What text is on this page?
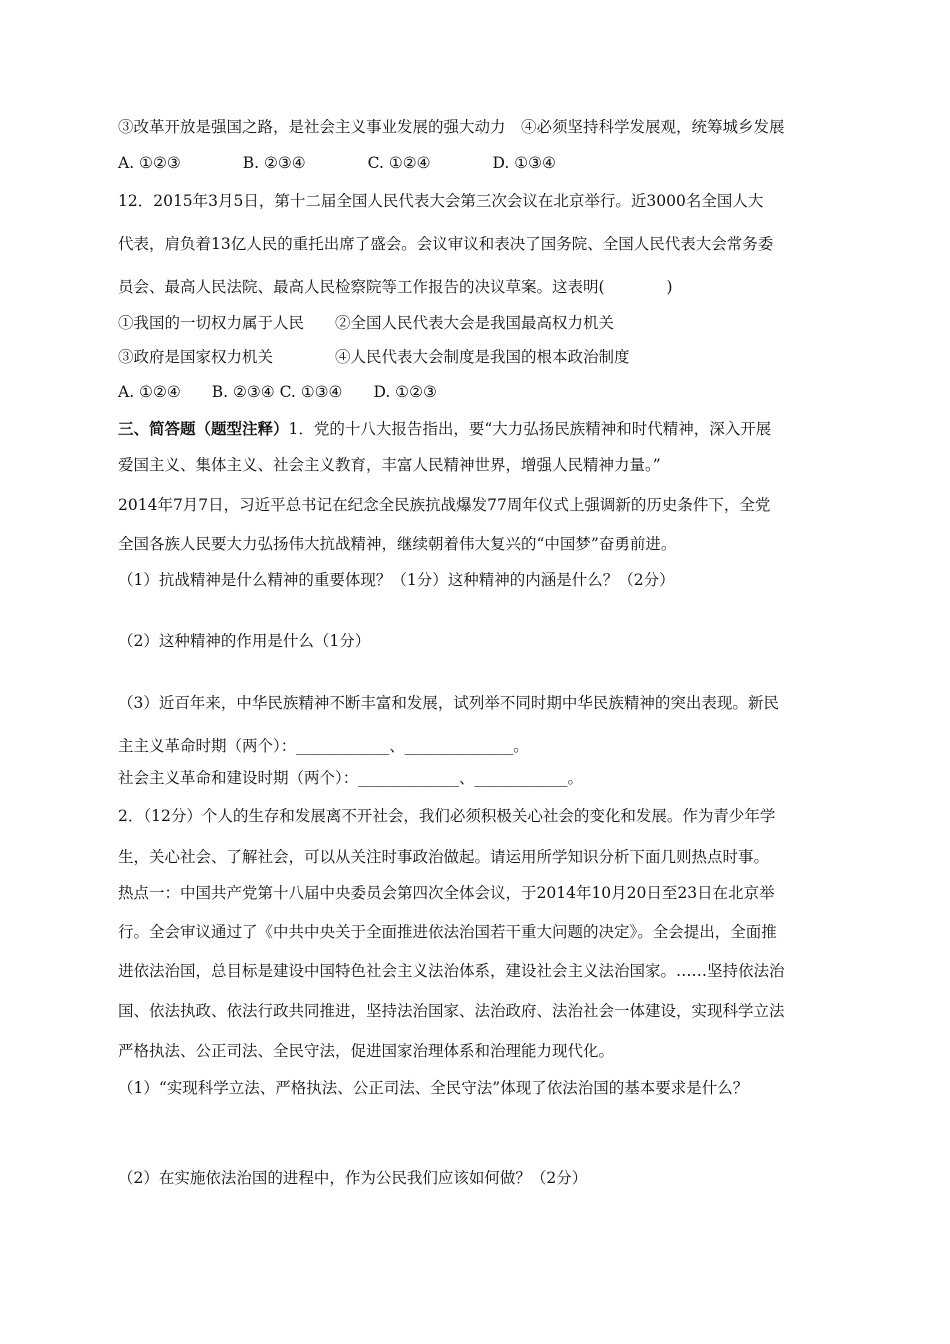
③改革开放是强国之路，是社会主义事业发展的强大动力　④必须坚持科学发展观，统筹城乡发展
A. ①②③　　　　B. ②③④　　　　C. ①②④　　　　D. ①③④
12．2015年3月5日，第十二届全国人民代表大会第三次会议在北京举行。近3000名全国人大
代表，肩负着13亿人民的重托出席了盛会。会议审议和表决了国务院、全国人民代表大会常务委
员会、最高人民法院、最高人民检察院等工作报告的决议草案。这表明(　　　　)
①我国的一切权力属于人民　　②全国人民代表大会是我国最高权力机关
③政府是国家权力机关　　　　④人民代表大会制度是我国的根本政治制度
A. ①②④　　B. ②③④ C. ①③④　　D. ①②③
三、简答题（题型注释）1．党的十八大报告指出，要“大力弘扬民族精神和时代精神，深入开展
爱国主义、集体主义、社会主义教育，丰富人民精神世界，增强人民精神力量。”
2014年7月7日，习近平总书记在纪念全民族抗战爆发77周年仪式上强调新的历史条件下，全党
全国各族人民要大力弘扬伟大抗战精神，继续朝着伟大复兴的“中国梦”奋勇前进。
（1）抗战精神是什么精神的重要体现？（1分）这种精神的内涵是什么？（2分）
（2）这种精神的作用是什么（1分）
（3）近百年来，中华民族精神不断丰富和发展，试列举不同时期中华民族精神的突出表现。新民
主主义革命时期（两个）：____________、______________。
社会主义革命和建设时期（两个）：_____________、____________。
2．（12分）个人的生存和发展离不开社会，我们必须积极关心社会的变化和发展。作为青少年学
生，关心社会、了解社会，可以从关注时事政治做起。请运用所学知识分析下面几则热点时事。
热点一：中国共产党第十八届中央委员会第四次全体会议，于2014年10月20日至23日在北京举
行。全会审议通过了《中共中央关于全面推进依法治国若干重大问题的决定》。全会提出，全面推
进依法治国，总目标是建设中国特色社会主义法治体系，建设社会主义法治国家。……坚持依法治
国、依法执政、依法行政共同推进，坚持法治国家、法治政府、法治社会一体建设，实现科学立法
严格执法、公正司法、全民守法，促进国家治理体系和治理能力现代化。
（1）“实现科学立法、严格执法、公正司法、全民守法”体现了依法治国的基本要求是什么？
（2）在实施依法治国的进程中，作为公民我们应该如何做？（2分）
